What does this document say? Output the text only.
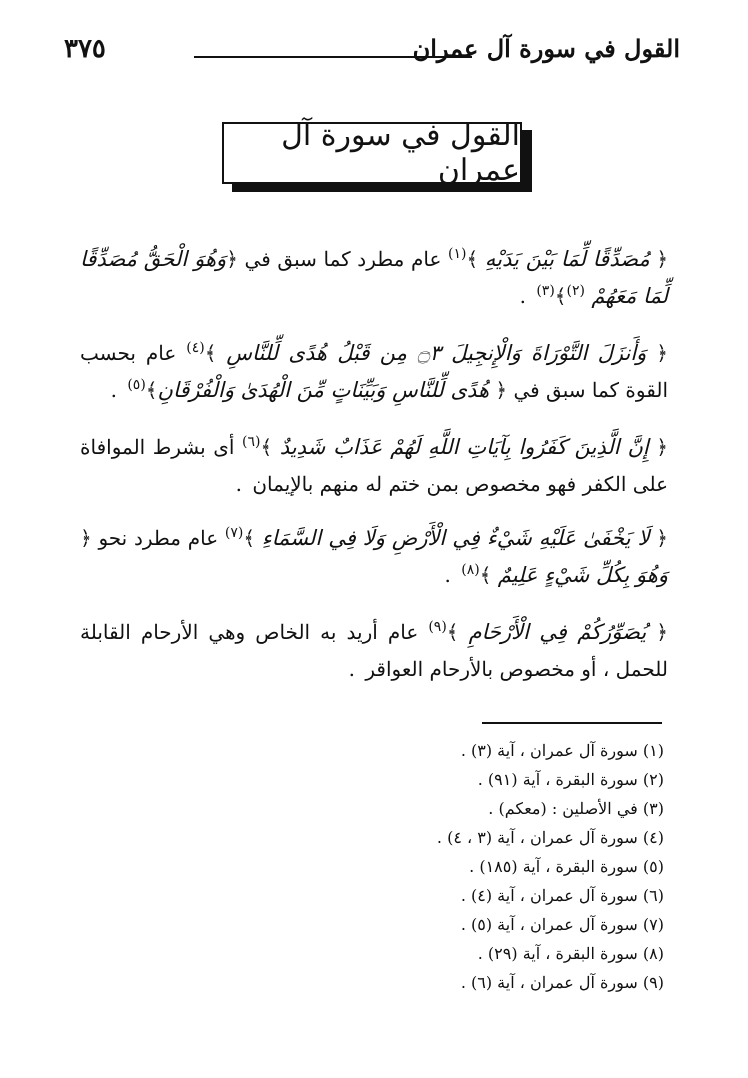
٣٧٥	القول في سورة آل عمران
القول في سورة آل عمران

﴿ مُصَدِّقًا لِّمَا بَيْنَ يَدَيْهِ ﴾$^{(١)}$ عام مطرد كما سبق في ﴿وَهُوَ الْحَقُّ مُصَدِّقًا لِّمَا مَعَهُمْ $^{(٢)}$﴾$^{(٣)}$ .

﴿ وَأَنزَلَ التَّوْرَاةَ وَالْإِنجِيلَ ۝٣ مِن قَبْلُ هُدًى لِّلنَّاسِ ﴾$^{(٤)}$ عام بحسب القوة كما سبق في ﴿ هُدًى لِّلنَّاسِ وَبَيِّنَاتٍ مِّنَ الْهُدَىٰ وَالْفُرْقَانِ﴾$^{(٥)}$ .

﴿ إِنَّ الَّذِينَ كَفَرُوا بِآيَاتِ اللَّهِ لَهُمْ عَذَابٌ شَدِيدٌ ﴾$^{(٦)}$ أى بشرط الموافاة على الكفر فهو مخصوص بمن ختم له منهم بالإيمان .

﴿ لَا يَخْفَىٰ عَلَيْهِ شَيْءٌ فِي الْأَرْضِ وَلَا فِي السَّمَاءِ ﴾$^{(٧)}$ عام مطرد نحو ﴿ وَهُوَ بِكُلِّ شَيْءٍ عَلِيمٌ ﴾$^{(٨)}$ .

﴿ يُصَوِّرُكُمْ فِي الْأَرْحَامِ ﴾$^{(٩)}$ عام أريد به الخاص وهي الأرحام القابلة للحمل ، أو مخصوص بالأرحام العواقر .

(١) سورة آل عمران ، آية (٣) .
(٢) سورة البقرة ، آية (٩١) .
(٣) في الأصلين : (معكم) .
(٤) سورة آل عمران ، آية (٣ ، ٤) .
(٥) سورة البقرة ، آية (١٨٥) .
(٦) سورة آل عمران ، آية (٤) .
(٧) سورة آل عمران ، آية (٥) .
(٨) سورة البقرة ، آية (٢٩) .
(٩) سورة آل عمران ، آية (٦) .
